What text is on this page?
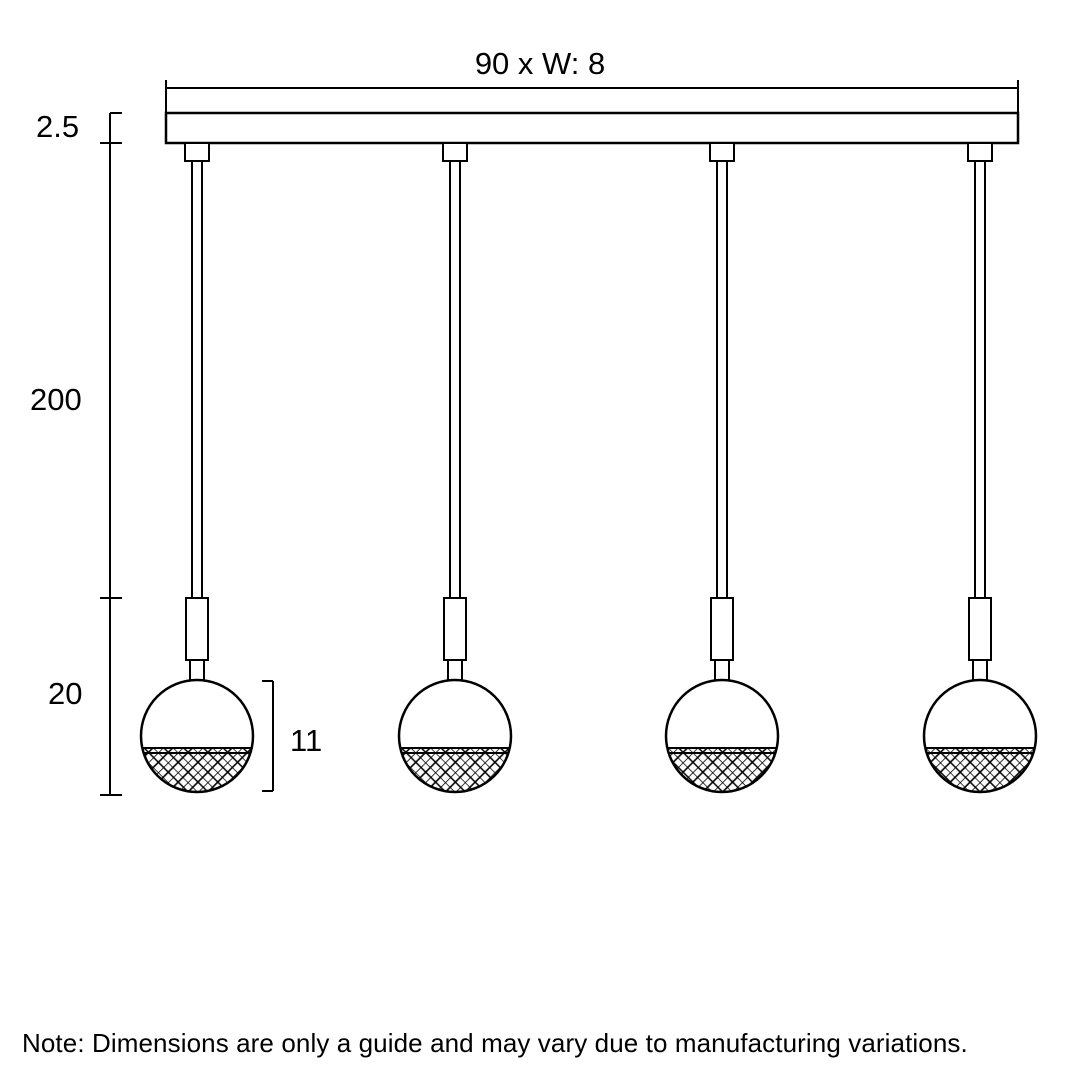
90 x W: 8
2.5
200
20
11
Note: Dimensions are only a guide and may vary due to manufacturing variations.
